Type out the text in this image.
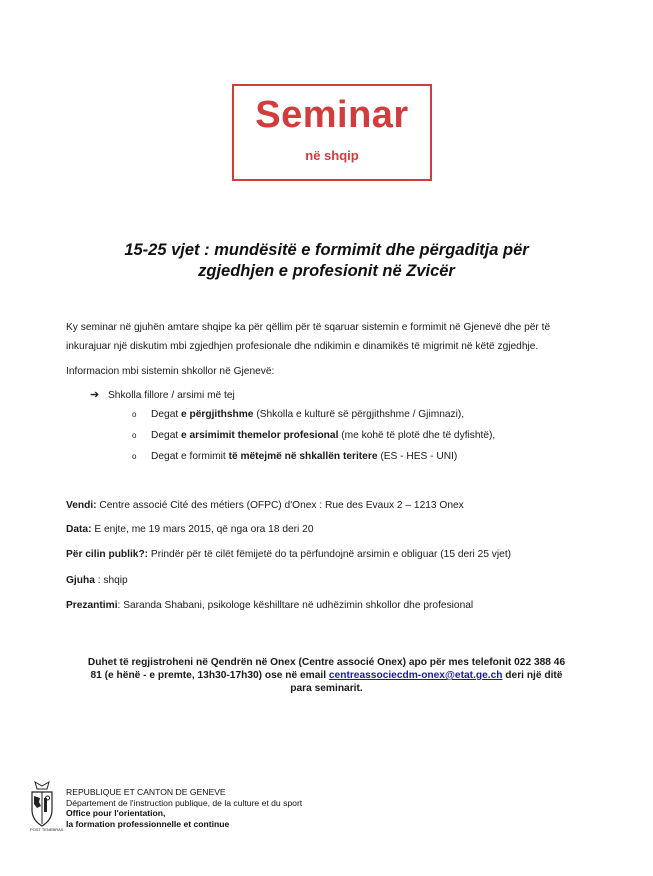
Seminar
në shqip
15-25 vjet : mundësitë e formimit dhe përgaditja për
zgjedhjen e profesionit në Zvicër
Ky seminar në gjuhën amtare shqipe ka për qëllim për të sqaruar sistemin e formimit në Gjenevë dhe për të
inkurajuar një diskutim mbi zgjedhjen profesionale dhe ndikimin e dinamikës të migrimit në këtë zgjedhje.
Informacion mbi sistemin shkollor në Gjenevë:
➔ Shkolla fillore / arsimi më tej
o Degat e përgjithshme (Shkolla e kulturë së përgjithshme / Gjimnazi),
o Degat e arsimimit themelor profesional (me kohë të plotë dhe të dyfishtë),
o Degat e formimit të mëtejmë në shkallën teritere (ES - HES - UNI)
Vendi: Centre associé Cité des métiers (OFPC) d'Onex : Rue des Evaux 2 – 1213 Onex
Data: E enjte, me 19 mars 2015, që nga ora 18 deri 20
Për cilin publik?: Prindër për të cilët fëmijetë do ta përfundojnë arsimin e obliguar (15 deri 25 vjet)
Gjuha : shqip
Prezantimi: Saranda Shabani, psikologe këshilltare në udhëzimin shkollor dhe profesional
Duhet të regjistroheni në Qendrën në Onex (Centre associé Onex) apo për mes telefonit 022 388 46
81 (e hënë - e premte, 13h30-17h30) ose në email centreassociecdm-onex@etat.ge.ch deri një ditë
para seminarit.
POST TENEBRAS
REPUBLIQUE ET CANTON DE GENEVE
Département de l'instruction publique, de la culture et du sport
Office pour l'orientation,
la formation professionnelle et continue
